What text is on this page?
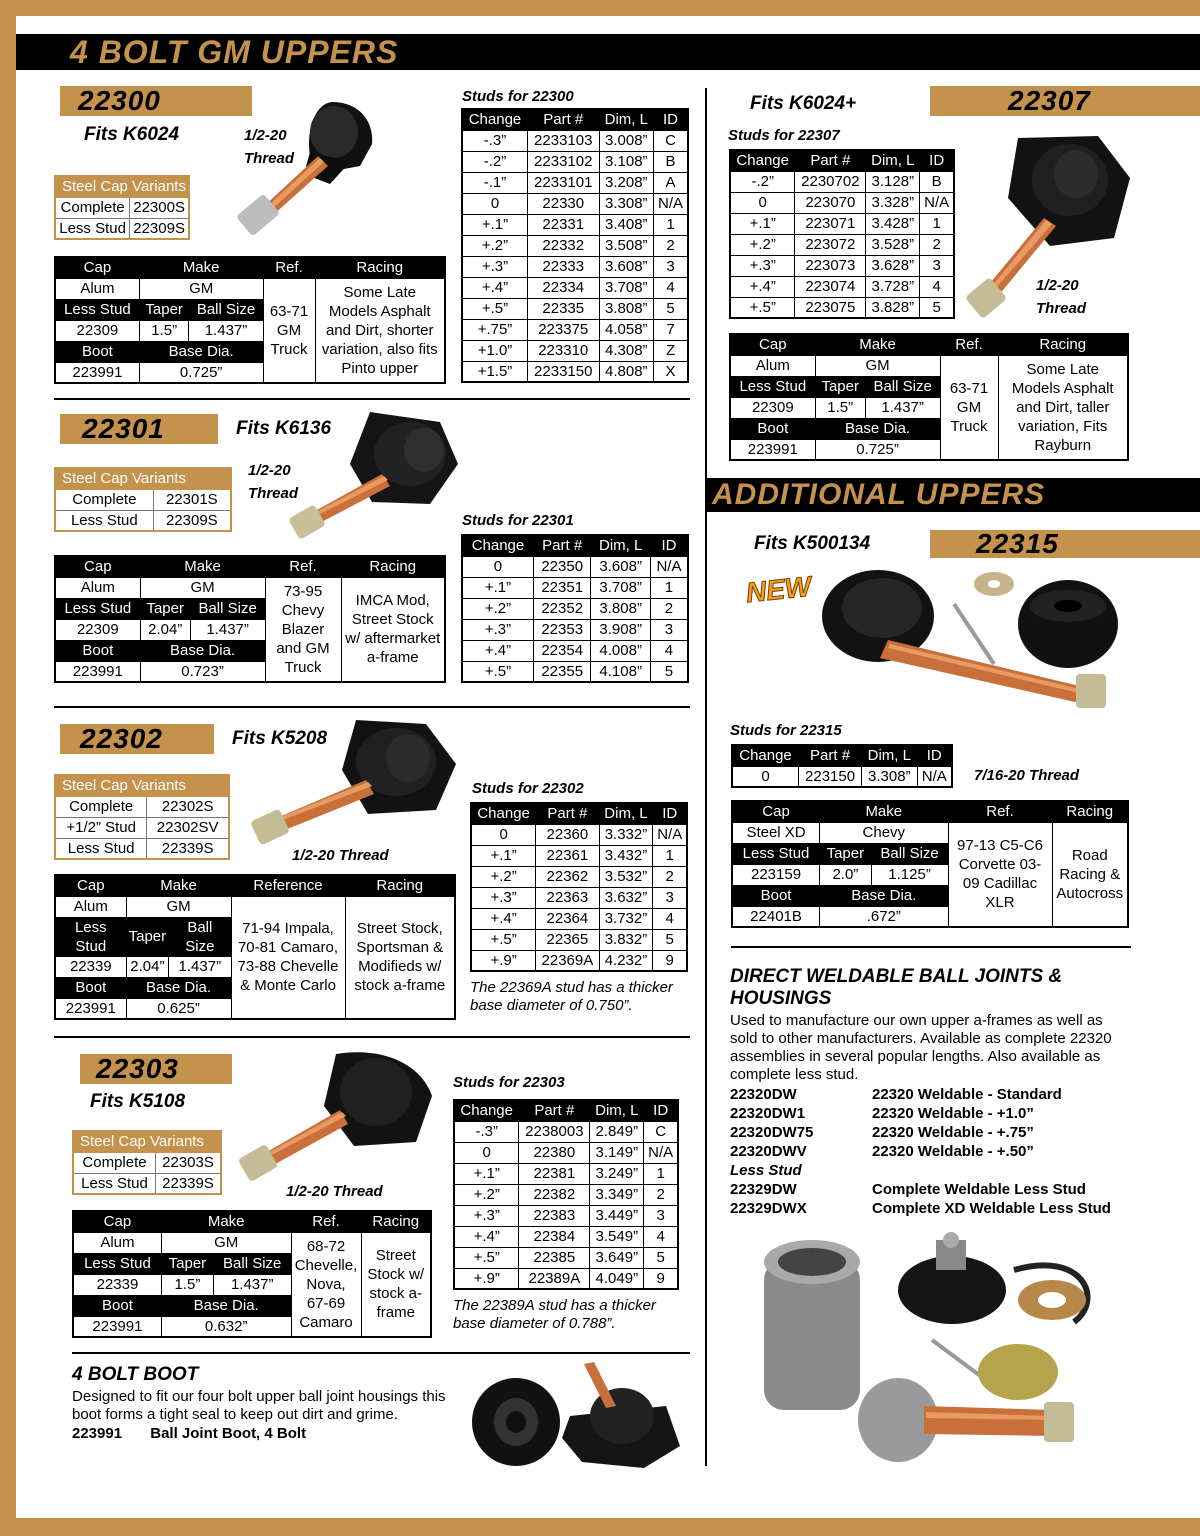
4 BOLT GM UPPERS
22300
Fits K6024	1/2-20
Thread
Steel Cap Variants	
Complete	22300S
Less Stud	22309S
Cap	Make		Ref.	Racing
Alum	GM		63-71 GM Truck	Some Late Models Asphalt and Dirt, shorter variation, also fits Pinto upper
Less Stud	Taper	Ball Size		
22309	1.5”	1.437”		
Boot	Base Dia.			
223991	0.725”			
Studs for 22300
Change	Part #	Dim, L	ID
-.3”	2233103	3.008”	C
-.2”	2233102	3.108”	B
-.1”	2233101	3.208”	A
0	22330	3.308”	N/A
+.1”	22331	3.408”	1
+.2”	22332	3.508”	2
+.3”	22333	3.608”	3
+.4”	22334	3.708”	4
+.5”	22335	3.808”	5
+.75”	223375	4.058”	7
+1.0”	223310	4.308”	Z
+1.5”	2233150	4.808”	X
22301	Fits K6136
1/2-20
Thread
Steel Cap Variants	
Complete	22301S
Less Stud	22309S
Cap	Make		Ref.	Racing
Alum	GM		73-95 Chevy Blazer and GM Truck	IMCA Mod, Street Stock w/ aftermarket a-frame
Less Stud	Taper	Ball Size		
22309	2.04”	1.437”		
Boot	Base Dia.			
223991	0.723”			
Studs for 22301
Change	Part #	Dim, L	ID
0	22350	3.608”	N/A
+.1”	22351	3.708”	1
+.2”	22352	3.808”	2
+.3”	22353	3.908”	3
+.4”	22354	4.008”	4
+.5”	22355	4.108”	5
22302	Fits K5208
Steel Cap Variants	
Complete	22302S
+1/2” Stud	22302SV
Less Stud	22339S	1/2-20 Thread
Cap	Make		Reference	Racing
Alum	GM		71-94 Impala, 70-81 Camaro, 73-88 Chevelle & Monte Carlo	Street Stock, Sportsman & Modifieds w/ stock a-frame
Less Stud	Taper	Ball Size		
22339	2.04”	1.437”		
Boot	Base Dia.			
223991	0.625”			
Studs for 22302
Change	Part #	Dim, L	ID
0	22360	3.332”	N/A
+.1”	22361	3.432”	1
+.2”	22362	3.532”	2
+.3”	22363	3.632”	3
+.4”	22364	3.732”	4
+.5”	22365	3.832”	5
+.9”	22369A	4.232”	9
The 22369A stud has a thicker base diameter of 0.750”.
22303
Fits K5108
Steel Cap Variants	
Complete	22303S
Less Stud	22339S	1/2-20 Thread
Cap	Make		Ref.	Racing
Alum	GM		68-72 Chevelle, Nova, 67-69 Camaro	Street Stock w/ stock a-frame
Less Stud	Taper	Ball Size		
22339	1.5”	1.437”		
Boot	Base Dia.			
223991	0.632”			
Studs for 22303
Change	Part #	Dim, L	ID
-.3”	2238003	2.849”	C
0	22380	3.149”	N/A
+.1”	22381	3.249”	1
+.2”	22382	3.349”	2
+.3”	22383	3.449”	3
+.4”	22384	3.549”	4
+.5”	22385	3.649”	5
+.9”	22389A	4.049”	9
The 22389A stud has a thicker base diameter of 0.788”.
4 BOLT BOOT
Designed to fit our four bolt upper ball joint housings this boot forms a tight seal to keep out dirt and grime.
223991 Ball Joint Boot, 4 Bolt
Fits K6024+	22307
Studs for 22307
Change	Part #	Dim, L	ID
-.2”	2230702	3.128”	B
0	223070	3.328”	N/A
+.1”	223071	3.428”	1
+.2”	223072	3.528”	2
+.3”	223073	3.628”	3
+.4”	223074	3.728”	4
+.5”	223075	3.828”	5
1/2-20
Thread
Cap	Make		Ref.	Racing
Alum	GM		63-71 GM Truck	Some Late Models Asphalt and Dirt, taller variation, Fits Rayburn
Less Stud	Taper	Ball Size		
22309	1.5”	1.437”		
Boot	Base Dia.			
223991	0.725”			
ADDITIONAL UPPERS
Fits K500134	22315
NEW
Studs for 22315
Change	Part #	Dim, L	ID
0	223150	3.308”	N/A 7/16-20 Thread
Cap	Make		Ref.	Racing
Steel XD	Chevy		97-13 C5-C6 Corvette 03-09 Cadillac XLR	Road Racing & Autocross
Less Stud	Taper	Ball Size		
223159	2.0”	1.125”		
Boot	Base Dia.			
22401B	.672”			
DIRECT WELDABLE BALL JOINTS & HOUSINGS
Used to manufacture our own upper a-frames as well as sold to other manufacturers. Available as complete 22320 assemblies in several popular lengths. Also available as complete less stud.
22320DW	22320 Weldable - Standard
22320DW1	22320 Weldable - +1.0”
22320DW75	22320 Weldable - +.75”
22320DWV	22320 Weldable - +.50”
Less Stud
22329DW	Complete Weldable Less Stud
22329DWX	Complete XD Weldable Less Stud
